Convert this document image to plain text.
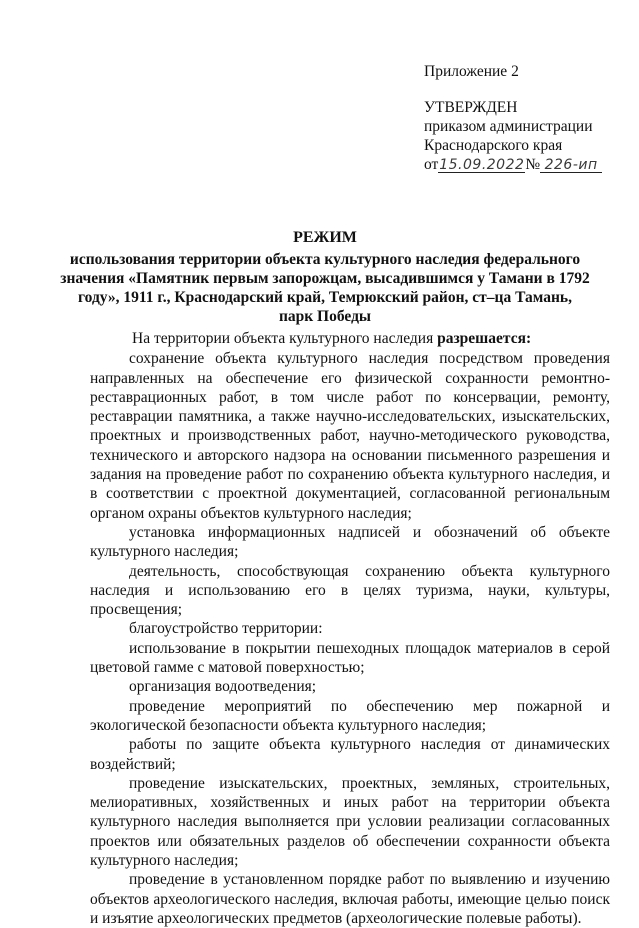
Приложение 2
УТВЕРЖДЕН
приказом администрации
Краснодарского края
от15.09.2022№ 226-ип
РЕЖИМ
использования территории объекта культурного наследия федерального значения «Памятник первым запорожцам, высадившимся у Тамани в 1792 году», 1911 г., Краснодарский край, Темрюкский район, ст–ца Тамань, парк Победы

На территории объекта культурного наследия разрешается:

сохранение объекта культурного наследия посредством проведения направленных на обеспечение его физической сохранности ремонтно-реставрационных работ, в том числе работ по консервации, ремонту, реставрации памятника, а также научно-исследовательских, изыскательских, проектных и производственных работ, научно-методического руководства, технического и авторского надзора на основании письменного разрешения и задания на проведение работ по сохранению объекта культурного наследия, и в соответствии с проектной документацией, согласованной региональным органом охраны объектов культурного наследия;

установка информационных надписей и обозначений об объекте культурного наследия;

деятельность, способствующая сохранению объекта культурного наследия и использованию его в целях туризма, науки, культуры, просвещения;

благоустройство территории:

использование в покрытии пешеходных площадок материалов в серой цветовой гамме с матовой поверхностью;

организация водоотведения;

проведение мероприятий по обеспечению мер пожарной и экологической безопасности объекта культурного наследия;

работы по защите объекта культурного наследия от динамических воздействий;

проведение изыскательских, проектных, земляных, строительных, мелиоративных, хозяйственных и иных работ на территории объекта культурного наследия выполняется при условии реализации согласованных проектов или обязательных разделов об обеспечении сохранности объекта культурного наследия;

проведение в установленном порядке работ по выявлению и изучению объектов археологического наследия, включая работы, имеющие целью поиск и изъятие археологических предметов (археологические полевые работы).
